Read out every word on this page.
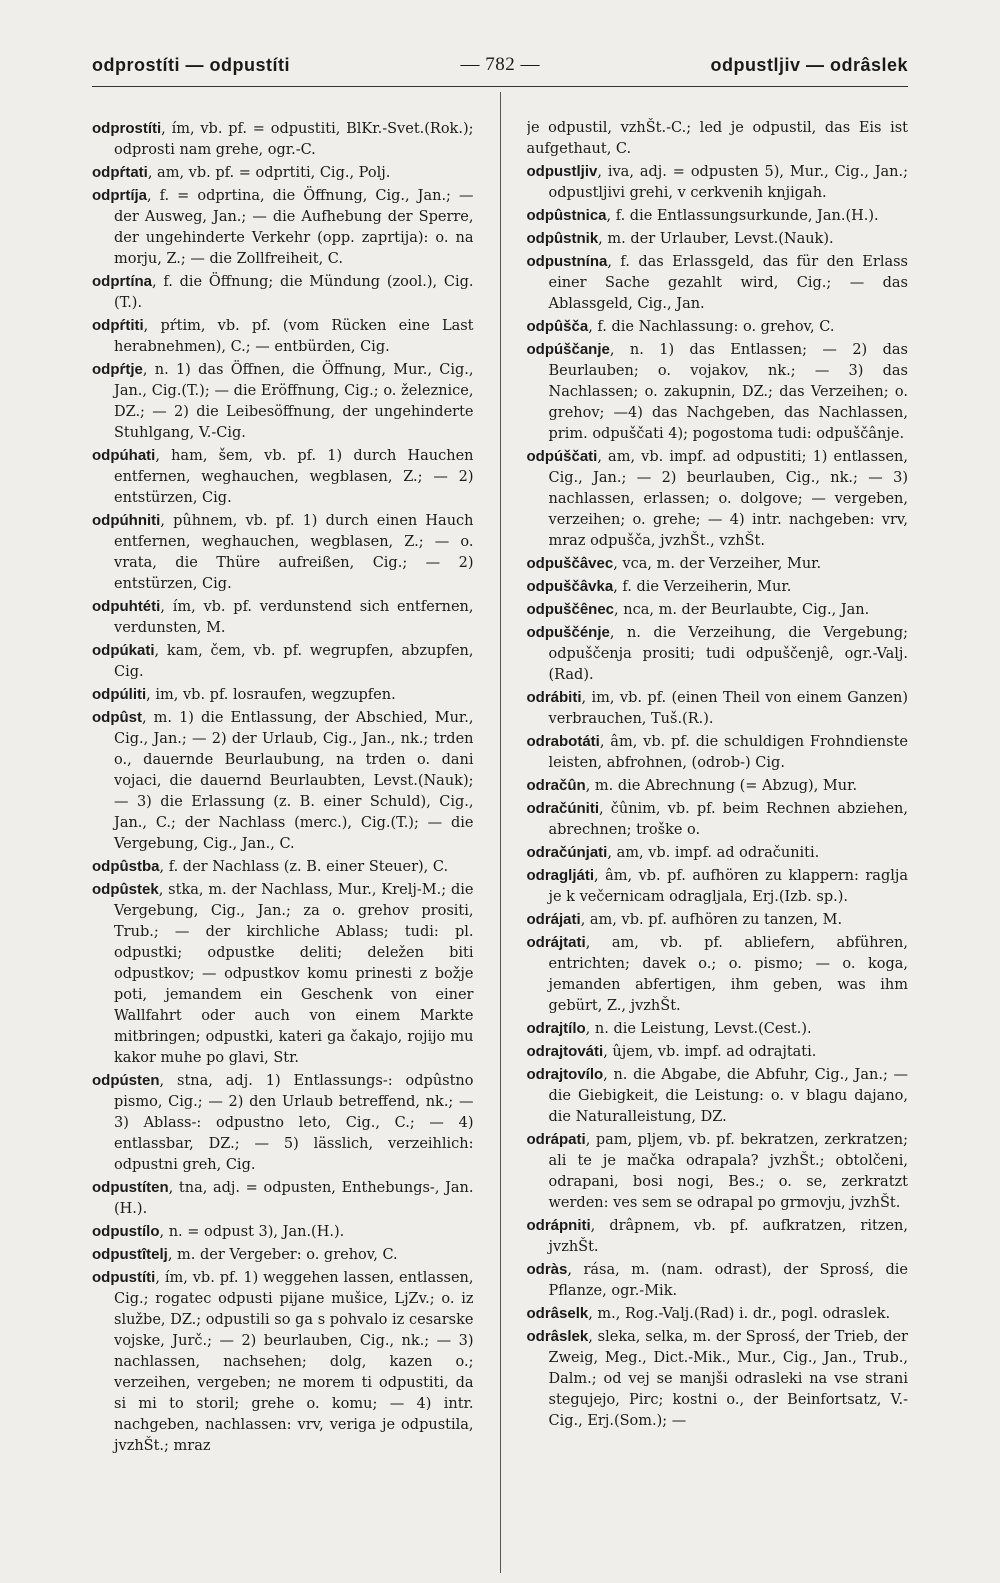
odprostíti — odpustíti	— 782 —	odpustljiv — odrâslek

odprostíti, ím, vb. pf. = odpustiti, BlKr.-Svet.(Rok.); odprosti nam grehe, ogr.-C.

odpŕtati, am, vb. pf. = odprtiti, Cig., Polj.

odprtíja, f. = odprtina, die Öffnung, Cig., Jan.; — der Ausweg, Jan.; — die Aufhebung der Sperre, der ungehinderte Verkehr (opp. zaprtija): o. na morju, Z.; — die Zollfreiheit, C.

odprtína, f. die Öffnung; die Mündung (zool.), Cig.(T.).

odpŕtiti, pŕtim, vb. pf. (vom Rücken eine Last herabnehmen), C.; — entbürden, Cig.

odpŕtje, n. 1) das Öffnen, die Öffnung, Mur., Cig., Jan., Cig.(T.); — die Eröffnung, Cig.; o. železnice, DZ.; — 2) die Leibesöffnung, der ungehinderte Stuhlgang, V.-Cig.

odpúhati, ham, šem, vb. pf. 1) durch Hauchen entfernen, weghauchen, wegblasen, Z.; — 2) entstürzen, Cig.

odpúhniti, pûhnem, vb. pf. 1) durch einen Hauch entfernen, weghauchen, wegblasen, Z.; — o. vrata, die Thüre aufreißen, Cig.; — 2) entstürzen, Cig.

odpuhtéti, ím, vb. pf. verdunstend sich entfernen, verdunsten, M.

odpúkati, kam, čem, vb. pf. wegrupfen, abzupfen, Cig.

odpúliti, im, vb. pf. losraufen, wegzupfen.

odpûst, m. 1) die Entlassung, der Abschied, Mur., Cig., Jan.; — 2) der Urlaub, Cig., Jan., nk.; trden o., dauernde Beurlaubung, na trden o. dani vojaci, die dauernd Beurlaubten, Levst.(Nauk); — 3) die Erlassung (z. B. einer Schuld), Cig., Jan., C.; der Nachlass (merc.), Cig.(T.); — die Vergebung, Cig., Jan., C.

odpûstba, f. der Nachlass (z. B. einer Steuer), C.

odpûstek, stka, m. der Nachlass, Mur., Krelj-M.; die Vergebung, Cig., Jan.; za o. grehov prositi, Trub.; — der kirchliche Ablass; tudi: pl. odpustki; odpustke deliti; deležen biti odpustkov; — odpustkov komu prinesti z božje poti, jemandem ein Geschenk von einer Wallfahrt oder auch von einem Markte mitbringen; odpustki, kateri ga čakajo, rojijo mu kakor muhe po glavi, Str.

odpústen, stna, adj. 1) Entlassungs-: odpûstno pismo, Cig.; — 2) den Urlaub betreffend, nk.; — 3) Ablass-: odpustno leto, Cig., C.; — 4) entlassbar, DZ.; — 5) lässlich, verzeihlich: odpustni greh, Cig.

odpustíten, tna, adj. = odpusten, Enthebungs-, Jan.(H.).

odpustílo, n. = odpust 3), Jan.(H.).

odpustîtelj, m. der Vergeber: o. grehov, C.

odpustíti, ím, vb. pf. 1) weggehen lassen, entlassen, Cig.; rogatec odpusti pijane mušice, LjZv.; o. iz službe, DZ.; odpustili so ga s pohvalo iz cesarske vojske, Jurč.; — 2) beurlauben, Cig., nk.; — 3) nachlassen, nachsehen; dolg, kazen o.; verzeihen, vergeben; ne morem ti odpustiti, da si mi to storil; grehe o. komu; — 4) intr. nachgeben, nachlassen: vrv, veriga je odpustila, jvzhŠt.; mraz

je odpustil, vzhŠt.-C.; led je odpustil, das Eis ist aufgethaut, C.

odpustljiv, iva, adj. = odpusten 5), Mur., Cig., Jan.; odpustljivi grehi, v cerkvenih knjigah.

odpûstnica, f. die Entlassungsurkunde, Jan.(H.).

odpûstnik, m. der Urlauber, Levst.(Nauk).

odpustnína, f. das Erlassgeld, das für den Erlass einer Sache gezahlt wird, Cig.; — das Ablassgeld, Cig., Jan.

odpûšča, f. die Nachlassung: o. grehov, C.

odpúščanje, n. 1) das Entlassen; — 2) das Beurlauben; o. vojakov, nk.; — 3) das Nachlassen; o. zakupnin, DZ.; das Verzeihen; o. grehov; —4) das Nachgeben, das Nachlassen, prim. odpuščati 4); pogostoma tudi: odpuščânje.

odpúščati, am, vb. impf. ad odpustiti; 1) entlassen, Cig., Jan.; — 2) beurlauben, Cig., nk.; — 3) nachlassen, erlassen; o. dolgove; — vergeben, verzeihen; o. grehe; — 4) intr. nachgeben: vrv, mraz odpušča, jvzhŠt., vzhŠt.

odpuščâvec, vca, m. der Verzeiher, Mur.

odpuščâvka, f. die Verzeiherin, Mur.

odpuščênec, nca, m. der Beurlaubte, Cig., Jan.

odpuščénje, n. die Verzeihung, die Vergebung; odpuščenja prositi; tudi odpuščenjê, ogr.-Valj.(Rad).

odrábiti, im, vb. pf. (einen Theil von einem Ganzen) verbrauchen, Tuš.(R.).

odrabotáti, âm, vb. pf. die schuldigen Frohndienste leisten, abfrohnen, (odrob-) Cig.

odračûn, m. die Abrechnung (= Abzug), Mur.

odračúniti, čûnim, vb. pf. beim Rechnen abziehen, abrechnen; troške o.

odračúnjati, am, vb. impf. ad odračuniti.

odragljáti, âm, vb. pf. aufhören zu klappern: raglja je k večernicam odragljala, Erj.(Izb. sp.).

odrájati, am, vb. pf. aufhören zu tanzen, M.

odrájtati, am, vb. pf. abliefern, abführen, entrichten; davek o.; o. pismo; — o. koga, jemanden abfertigen, ihm geben, was ihm gebürt, Z., jvzhŠt.

odrajtílo, n. die Leistung, Levst.(Cest.).

odrajtováti, ûjem, vb. impf. ad odrajtati.

odrajtovílo, n. die Abgabe, die Abfuhr, Cig., Jan.; — die Giebigkeit, die Leistung: o. v blagu dajano, die Naturalleistung, DZ.

odrápati, pam, pljem, vb. pf. bekratzen, zerkratzen; ali te je mačka odrapala? jvzhŠt.; obtolčeni, odrapani, bosi nogi, Bes.; o. se, zerkratzt werden: ves sem se odrapal po grmovju, jvzhŠt.

odrápniti, drâpnem, vb. pf. aufkratzen, ritzen, jvzhŠt.

odràs, rása, m. (nam. odrast), der Sprosś, die Pflanze, ogr.-Mik.

odrâselk, m., Rog.-Valj.(Rad) i. dr., pogl. odraslek.

odrâslek, sleka, selka, m. der Sprosś, der Trieb, der Zweig, Meg., Dict.-Mik., Mur., Cig., Jan., Trub., Dalm.; od vej se manjši odrasleki na vse strani stegujejo, Pirc; kostni o., der Beinfortsatz, V.-Cig., Erj.(Som.); —
